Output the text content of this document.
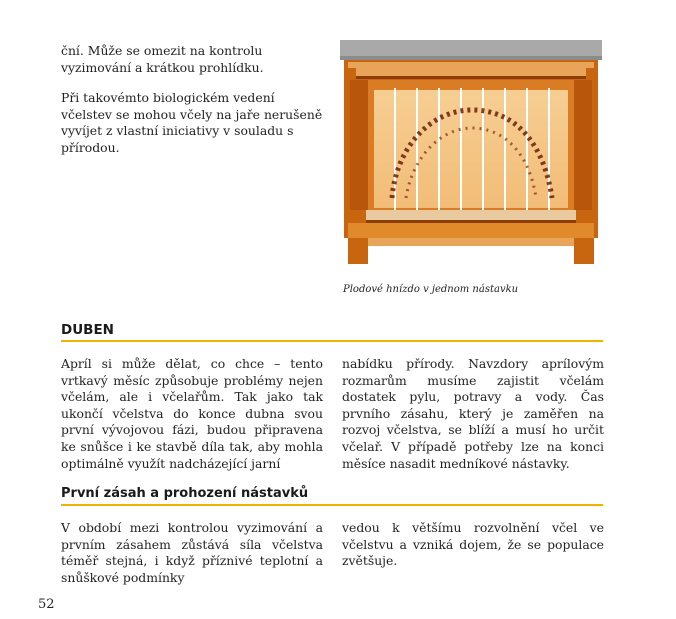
ční. Může se omezit na kontrolu vyzimování a krátkou prohlídku.

Při takovémto biologickém vedení včelstev se mohou včely na jaře nerušeně vyvíjet z vlastní iniciativy v souladu s přírodou.

Plodové hnízdo v jednom nástavku
DUBEN

Apríl si může dělat, co chce – tento vrtkavý měsíc způsobuje problémy nejen včelám, ale i včelařům. Tak jako tak ukončí včelstva do konce dubna svou první vývojovou fázi, budou připravena ke snůšce i ke stavbě díla tak, aby mohla optimálně využít nadcházející jarní

nabídku přírody. Navzdory aprílovým rozmarům musíme zajistit včelám dostatek pylu, potravy a vody. Čas prvního zásahu, který je zaměřen na rozvoj včelstva, se blíží a musí ho určit včelař. V případě potřeby lze na konci měsíce nasadit medníkové nástavky.

První zásah a prohození nástavků

V období mezi kontrolou vyzimování a prvním zásahem zůstává síla včelstva téměř stejná, i když příznivé teplotní a snůškové podmínky

vedou k většímu rozvolnění včel ve včelstvu a vzniká dojem, že se populace zvětšuje.

52
